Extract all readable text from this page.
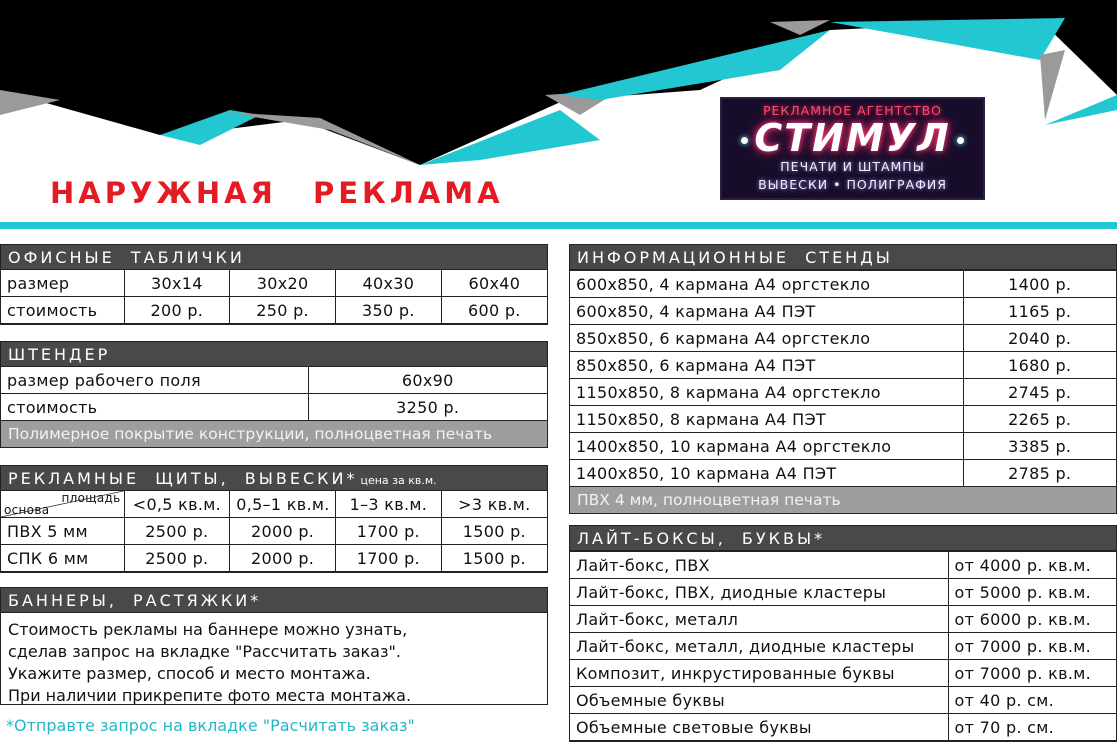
НАРУЖНАЯ РЕКЛАМА
РЕКЛАМНОЕ АГЕНТСТВО
СТИМУЛ
ПЕЧАТИ И ШТАМПЫ
ВЫВЕСКИ • ПОЛИГРАФИЯ
ОФИСНЫЕ ТАБЛИЧКИ
размер	30x14	30x20	40x30	60x40
стоимость	200 р.	250 р.	350 р.	600 р.
ШТЕНДЕР
размер рабочего поля	60x90
стоимость	3250 р.
Полимерное покрытие конструкции, полноцветная печать
РЕКЛАМНЫЕ ЩИТЫ, ВЫВЕСКИ* цена за кв.м.
площадь
основа	<0,5 кв.м.	0,5–1 кв.м.	1–3 кв.м.	>3 кв.м.
ПВХ 5 мм	2500 р.	2000 р.	1700 р.	1500 р.
СПК 6 мм	2500 р.	2000 р.	1700 р.	1500 р.
БАННЕРЫ, РАСТЯЖКИ*
Стоимость рекламы на баннере можно узнать,
сделав запрос на вкладке "Рассчитать заказ".
Укажите размер, способ и место монтажа.
При наличии прикрепите фото места монтажа.
*Отправте запрос на вкладке "Расчитать заказ"
ИНФОРМАЦИОННЫЕ СТЕНДЫ
600x850, 4 кармана А4 оргстекло	1400 р.
600x850, 4 кармана А4 ПЭТ	1165 р.
850x850, 6 кармана А4 оргстекло	2040 р.
850x850, 6 кармана А4 ПЭТ	1680 р.
1150x850, 8 кармана А4 оргстекло	2745 р.
1150x850, 8 кармана А4 ПЭТ	2265 р.
1400x850, 10 кармана А4 оргстекло	3385 р.
1400x850, 10 кармана А4 ПЭТ	2785 р.
ПВХ 4 мм, полноцветная печать
ЛАЙТ-БОКСЫ, БУКВЫ*
Лайт-бокс, ПВХ	от 4000 р. кв.м.
Лайт-бокс, ПВХ, диодные кластеры	от 5000 р. кв.м.
Лайт-бокс, металл	от 6000 р. кв.м.
Лайт-бокс, металл, диодные кластеры	от 7000 р. кв.м.
Композит, инкрустированные буквы	от 7000 р. кв.м.
Объемные буквы	от 40 р. см.
Объемные световые буквы	от 70 р. см.
